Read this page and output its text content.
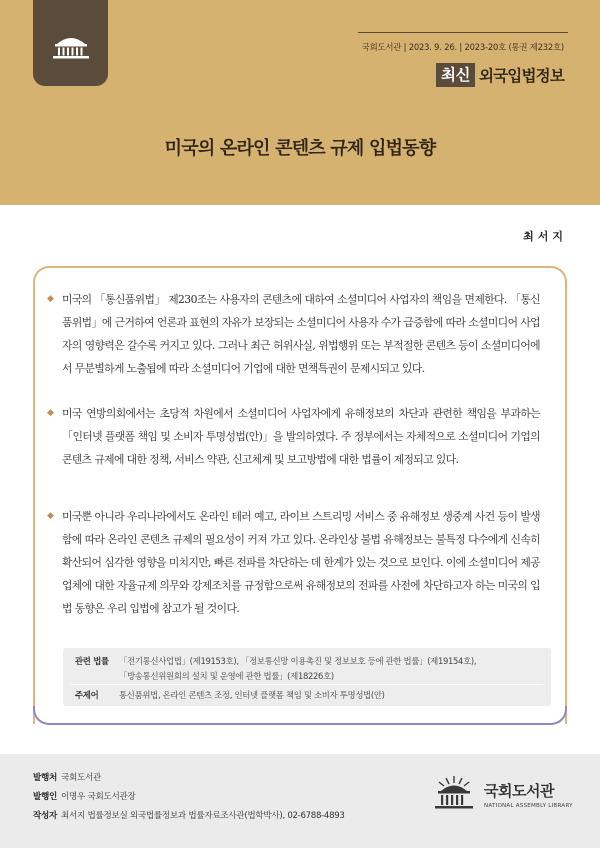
국회도서관 | 2023. 9. 26. | 2023-20호 (통권 제232호)
최신 외국입법정보
미국의 온라인 콘텐츠 규제 입법동향
최서지
◆ 미국의 「통신품위법」 제230조는 사용자의 콘텐츠에 대하여 소셜미디어 사업자의 책임을 면제한다. 「통신품위법」에 근거하여 언론과 표현의 자유가 보장되는 소셜미디어 사용자 수가 급증함에 따라 소셜미디어 사업자의 영향력은 갈수록 커지고 있다. 그러나 최근 허위사실, 위법행위 또는 부적절한 콘텐츠 등이 소셜미디어에서 무분별하게 노출됨에 따라 소셜미디어 기업에 대한 면책특권이 문제시되고 있다.
◆ 미국 연방의회에서는 초당적 차원에서 소셜미디어 사업자에게 유해정보의 차단과 관련한 책임을 부과하는 「인터넷 플랫폼 책임 및 소비자 투명성법(안)」을 발의하였다. 주 정부에서는 자체적으로 소셜미디어 기업의 콘텐츠 규제에 대한 정책, 서비스 약관, 신고체계 및 보고방법에 대한 법률이 제정되고 있다.
◆ 미국뿐 아니라 우리나라에서도 온라인 테러 예고, 라이브 스트리밍 서비스 중 유해정보 생중계 사건 등이 발생함에 따라 온라인 콘텐츠 규제의 필요성이 커져 가고 있다. 온라인상 불법 유해정보는 불특정 다수에게 신속히 확산되어 심각한 영향을 미치지만, 빠른 전파를 차단하는 데 한계가 있는 것으로 보인다. 이에 소셜미디어 제공업체에 대한 자율규제 의무와 강제조치를 규정함으로써 유해정보의 전파를 사전에 차단하고자 하는 미국의 입법 동향은 우리 입법에 참고가 될 것이다.
관련 법률	「전기통신사업법」(제19153호), 「정보통신망 이용촉진 및 정보보호 등에 관한 법률」(제19154호),
「방송통신위원회의 설치 및 운영에 관한 법률」(제18226호)
주제어	통신품위법, 온라인 콘텐츠 조정, 인터넷 플랫폼 책임 및 소비자 투명성법(안)
발행처 국회도서관
발행인 이명우 국회도서관장
작성자 최서지 법률정보실 외국법률정보과 법률자료조사관(법학박사), 02-6788-4893
국회도서관
NATIONAL ASSEMBLY LIBRARY
